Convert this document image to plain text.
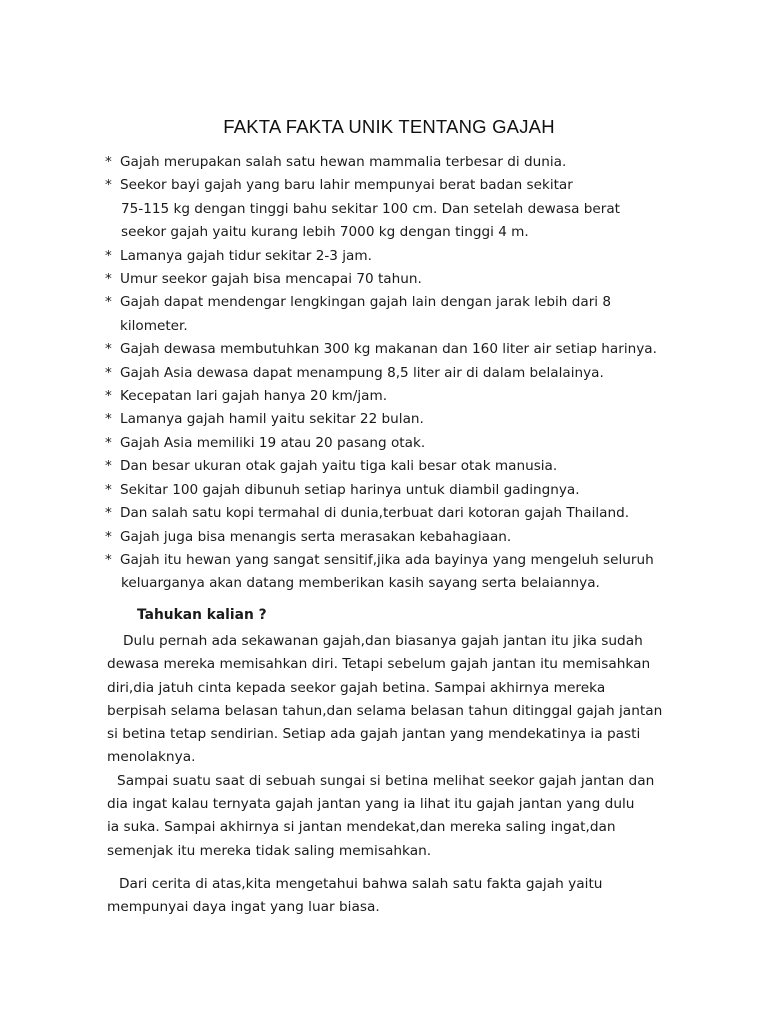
FAKTA FAKTA UNIK TENTANG GAJAH
* Gajah merupakan salah satu hewan mammalia terbesar di dunia.
* Seekor bayi gajah yang baru lahir mempunyai berat badan sekitar
75-115 kg dengan tinggi bahu sekitar 100 cm. Dan setelah dewasa berat
seekor gajah yaitu kurang lebih 7000 kg dengan tinggi 4 m.
* Lamanya gajah tidur sekitar 2-3 jam.
* Umur seekor gajah bisa mencapai 70 tahun.
* Gajah dapat mendengar lengkingan gajah lain dengan jarak lebih dari 8
kilometer.
* Gajah dewasa membutuhkan 300 kg makanan dan 160 liter air setiap harinya.
* Gajah Asia dewasa dapat menampung 8,5 liter air di dalam belalainya.
* Kecepatan lari gajah hanya 20 km/jam.
* Lamanya gajah hamil yaitu sekitar 22 bulan.
* Gajah Asia memiliki 19 atau 20 pasang otak.
* Dan besar ukuran otak gajah yaitu tiga kali besar otak manusia.
* Sekitar 100 gajah dibunuh setiap harinya untuk diambil gadingnya.
* Dan salah satu kopi termahal di dunia,terbuat dari kotoran gajah Thailand.
* Gajah juga bisa menangis serta merasakan kebahagiaan.
* Gajah itu hewan yang sangat sensitif,jika ada bayinya yang mengeluh seluruh
keluarganya akan datang memberikan kasih sayang serta belaiannya.
Tahukan kalian ?

Dulu pernah ada sekawanan gajah,dan biasanya gajah jantan itu jika sudah

dewasa mereka memisahkan diri. Tetapi sebelum gajah jantan itu memisahkan

diri,dia jatuh cinta kepada seekor gajah betina. Sampai akhirnya mereka

berpisah selama belasan tahun,dan selama belasan tahun ditinggal gajah jantan

si betina tetap sendirian. Setiap ada gajah jantan yang mendekatinya ia pasti

menolaknya.

Sampai suatu saat di sebuah sungai si betina melihat seekor gajah jantan dan

dia ingat kalau ternyata gajah jantan yang ia lihat itu gajah jantan yang dulu

ia suka. Sampai akhirnya si jantan mendekat,dan mereka saling ingat,dan

semenjak itu mereka tidak saling memisahkan.

Dari cerita di atas,kita mengetahui bahwa salah satu fakta gajah yaitu

mempunyai daya ingat yang luar biasa.
